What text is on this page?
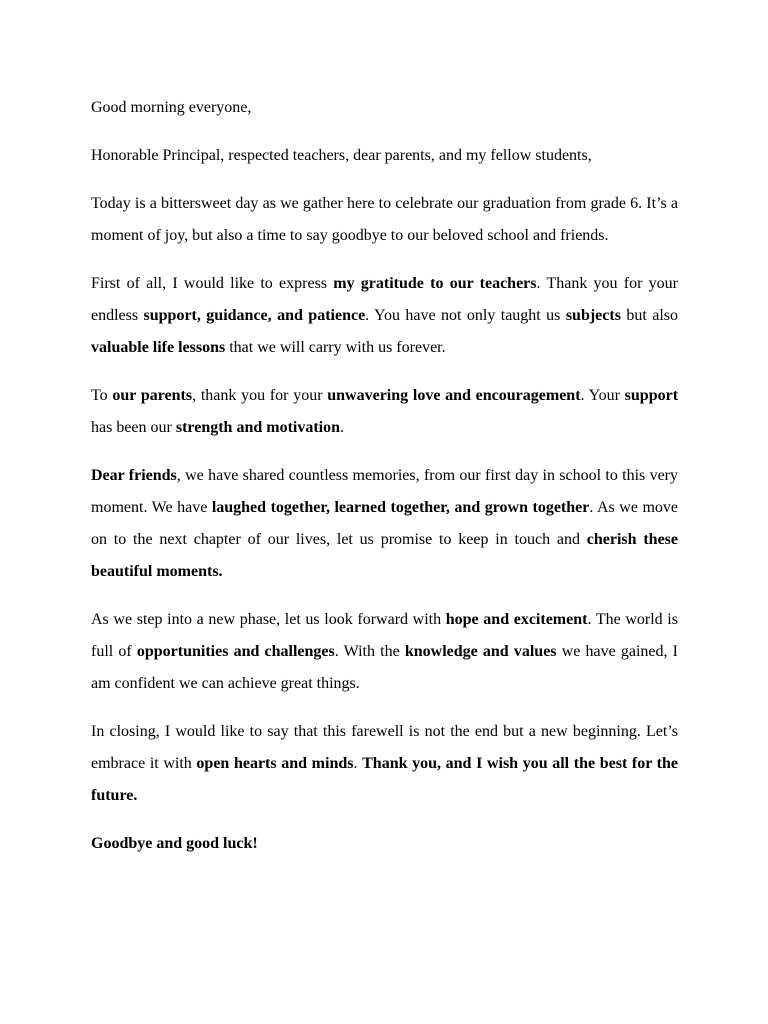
Good morning everyone,

Honorable Principal, respected teachers, dear parents, and my fellow students,

Today is a bittersweet day as we gather here to celebrate our graduation from grade 6. It’s a moment of joy, but also a time to say goodbye to our beloved school and friends.

First of all, I would like to express my gratitude to our teachers. Thank you for your endless support, guidance, and patience. You have not only taught us subjects but also valuable life lessons that we will carry with us forever.

To our parents, thank you for your unwavering love and encouragement. Your support has been our strength and motivation.

Dear friends, we have shared countless memories, from our first day in school to this very moment. We have laughed together, learned together, and grown together. As we move on to the next chapter of our lives, let us promise to keep in touch and cherish these beautiful moments.

As we step into a new phase, let us look forward with hope and excitement. The world is full of opportunities and challenges. With the knowledge and values we have gained, I am confident we can achieve great things.

In closing, I would like to say that this farewell is not the end but a new beginning. Let’s embrace it with open hearts and minds. Thank you, and I wish you all the best for the future.

Goodbye and good luck!
